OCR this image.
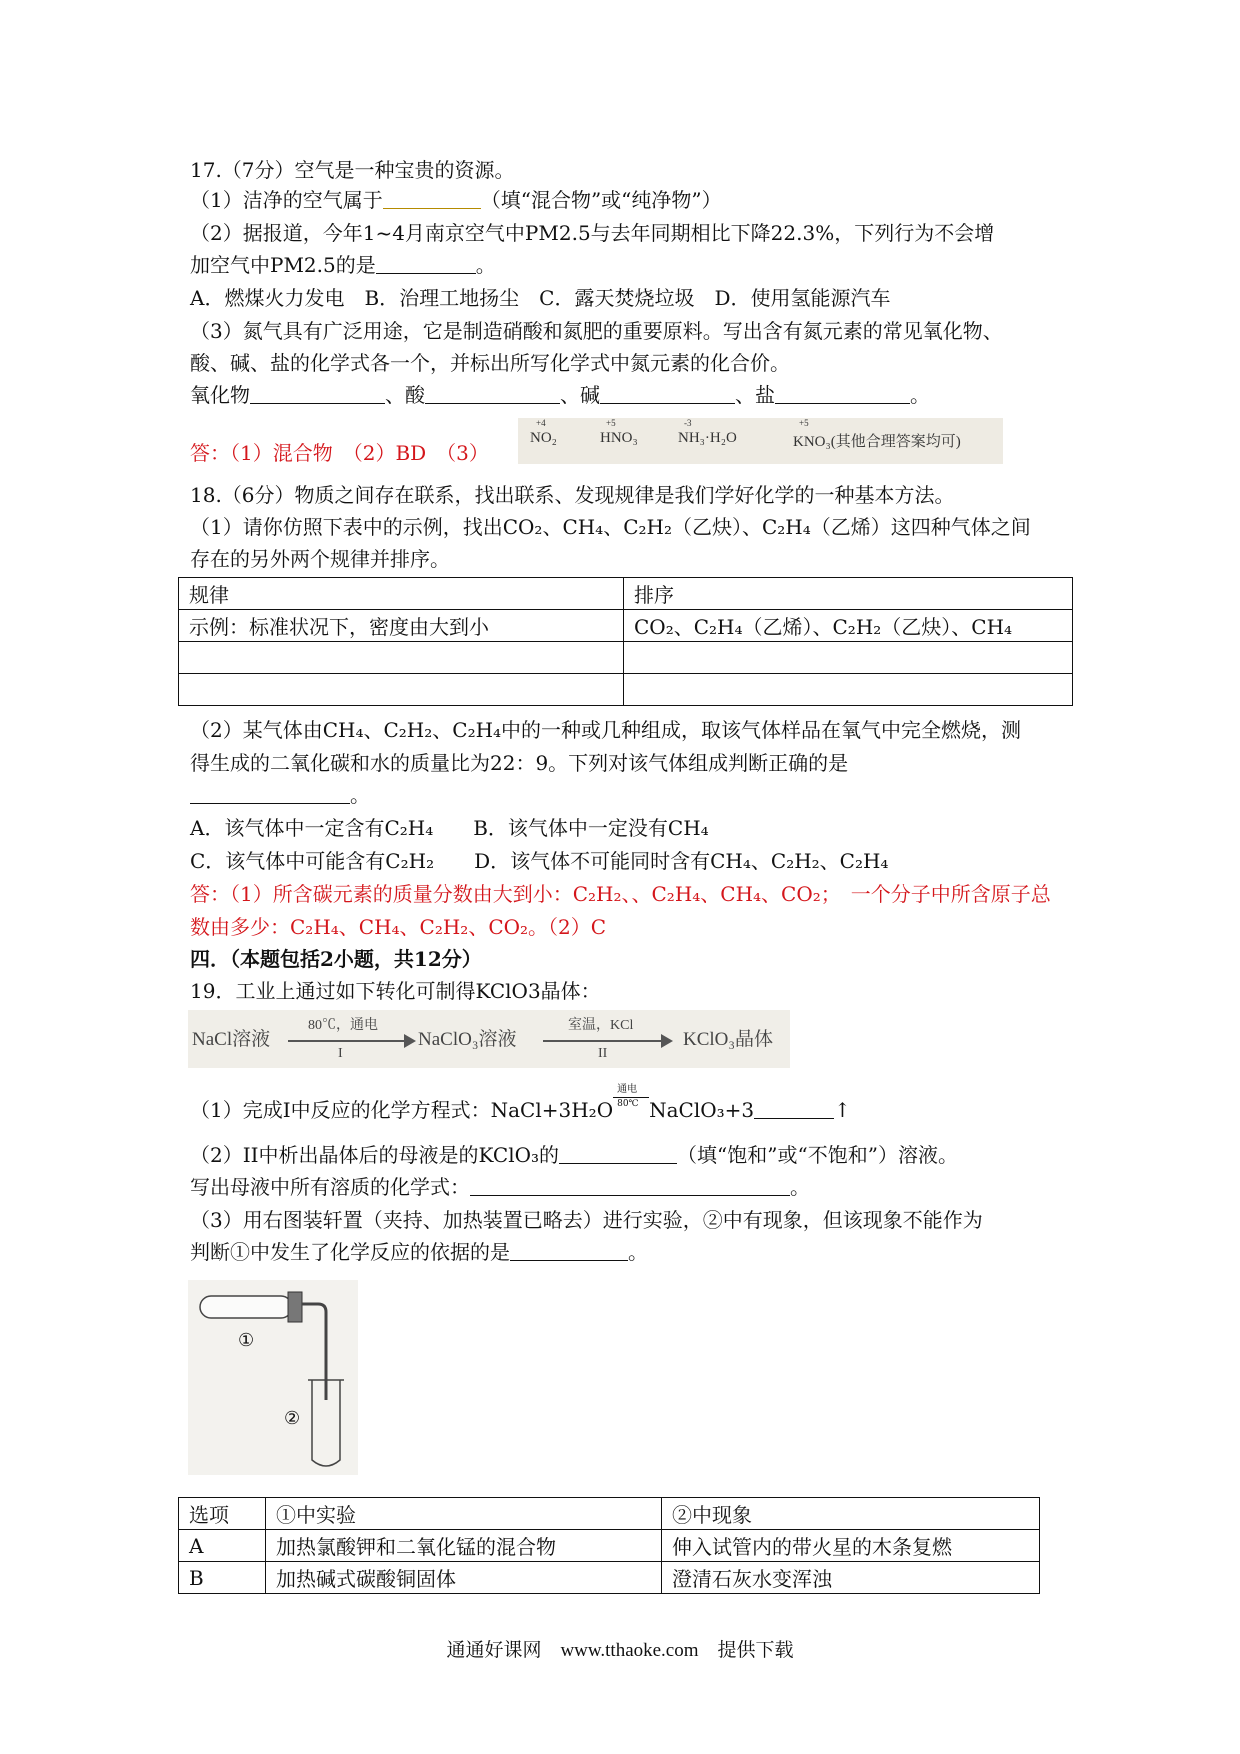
17.（7分）空气是一种宝贵的资源。
（1）洁净的空气属于	（填“混合物”或“纯净物”）
（2）据报道，今年1~4月南京空气中PM2.5与去年同期相比下降22.3%，下列行为不会增
加空气中PM2.5的是	。
A．燃煤火力发电　B．治理工地扬尘　C．露天焚烧垃圾　D．使用氢能源汽车
（3）氮气具有广泛用途，它是制造硝酸和氮肥的重要原料。写出含有氮元素的常见氧化物、
酸、碱、盐的化学式各一个，并标出所写化学式中氮元素的化合价。
氧化物	、酸	、碱	、盐	。
答：（1）混合物　（2）BD　（3）
+4
NO₂
+5
HNO₃
-3
NH₃·H₂O
+5
KNO₃(其他合理答案均可)
18.（6分）物质之间存在联系，找出联系、发现规律是我们学好化学的一种基本方法。
（1）请你仿照下表中的示例，找出CO₂、CH₄、C₂H₂（乙炔）、C₂H₄（乙烯）这四种气体之间
存在的另外两个规律并排序。
规律	排序
示例：标准状况下，密度由大到小	CO₂、C₂H₄（乙烯）、C₂H₂（乙炔）、CH₄

（2）某气体由CH₄、C₂H₂、C₂H₄中的一种或几种组成，取该气体样品在氧气中完全燃烧，测
得生成的二氧化碳和水的质量比为22：9。下列对该气体组成判断正确的是
。
A．该气体中一定含有C₂H₄ B．该气体中一定没有CH₄
C．该气体中可能含有C₂H₂ D．该气体不可能同时含有CH₄、C₂H₂、C₂H₄
答：（1）所含碳元素的质量分数由大到小：C₂H₂、、C₂H₄、CH₄、CO₂；　一个分子中所含原子总
数由多少：C₂H₄、CH₄、C₂H₂、CO₂。（2）C
四．（本题包括2小题，共12分）
19．工业上通过如下转化可制得KClO3晶体：
NaCl溶液
80℃，通电
I
NaClO₃溶液
室温，KCl
II
KClO₃晶体
（1）完成I中反应的化学方程式：NaCl+3H₂O
通电
80℃ NaClO₃+3	↑
（2）II中析出晶体后的母液是的KClO₃的	（填“饱和”或“不饱和”）溶液。
写出母液中所有溶质的化学式：	。
（3）用右图装轩置（夹持、加热装置已略去）进行实验，②中有现象，但该现象不能作为
判断①中发生了化学反应的依据的是	。
①
②
选项	①中实验	②中现象
A	加热氯酸钾和二氧化锰的混合物	伸入试管内的带火星的木条复燃
B	加热碱式碳酸铜固体	澄清石灰水变浑浊
通通好课网　www.tthaoke.com　提供下载
